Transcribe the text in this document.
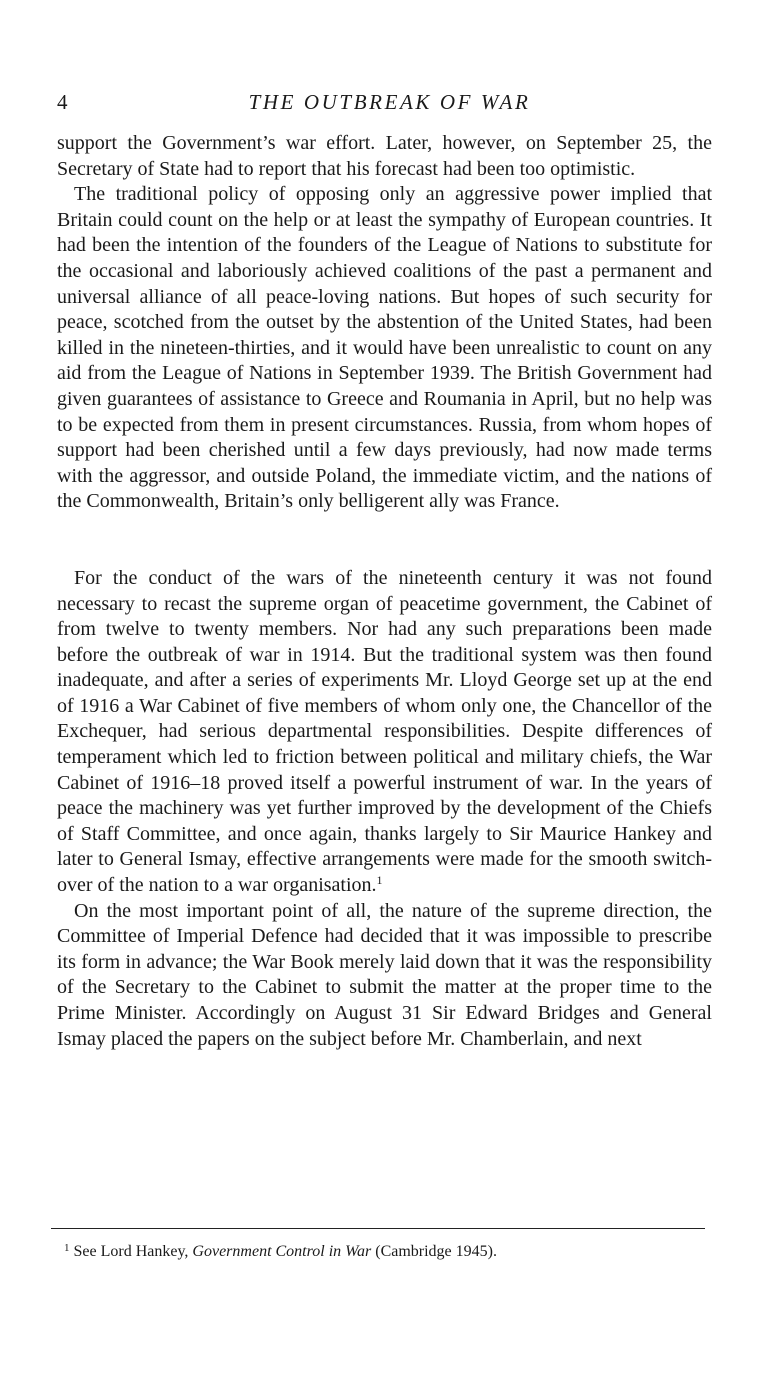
4	THE OUTBREAK OF WAR

support the Government’s war effort. Later, however, on September 25, the Secretary of State had to report that his forecast had been too optimistic.

The traditional policy of opposing only an aggressive power implied that Britain could count on the help or at least the sympathy of European countries. It had been the intention of the founders of the League of Nations to substitute for the occasional and laboriously achieved coalitions of the past a permanent and universal alliance of all peace-loving nations. But hopes of such security for peace, scotched from the outset by the abstention of the United States, had been killed in the nineteen-thirties, and it would have been unrealistic to count on any aid from the League of Nations in September 1939. The British Government had given guarantees of assistance to Greece and Roumania in April, but no help was to be expected from them in present circumstances. Russia, from whom hopes of support had been cherished until a few days previously, had now made terms with the aggressor, and outside Poland, the immediate victim, and the nations of the Commonwealth, Britain’s only belligerent ally was France.

For the conduct of the wars of the nineteenth century it was not found necessary to recast the supreme organ of peacetime government, the Cabinet of from twelve to twenty members. Nor had any such preparations been made before the outbreak of war in 1914. But the traditional system was then found inadequate, and after a series of experiments Mr. Lloyd George set up at the end of 1916 a War Cabinet of five members of whom only one, the Chancellor of the Exchequer, had serious departmental responsibilities. Despite differences of temperament which led to friction between political and military chiefs, the War Cabinet of 1916–18 proved itself a powerful instrument of war. In the years of peace the machinery was yet further improved by the development of the Chiefs of Staff Committee, and once again, thanks largely to Sir Maurice Hankey and later to General Ismay, effective arrangements were made for the smooth switch-over of the nation to a war organisation.$^1$

On the most important point of all, the nature of the supreme direction, the Committee of Imperial Defence had decided that it was impossible to prescribe its form in advance; the War Book merely laid down that it was the responsibility of the Secretary to the Cabinet to submit the matter at the proper time to the Prime Minister. Accordingly on August 31 Sir Edward Bridges and General Ismay placed the papers on the subject before Mr. Chamberlain, and next

$^1$ See Lord Hankey, Government Control in War (Cambridge 1945).
